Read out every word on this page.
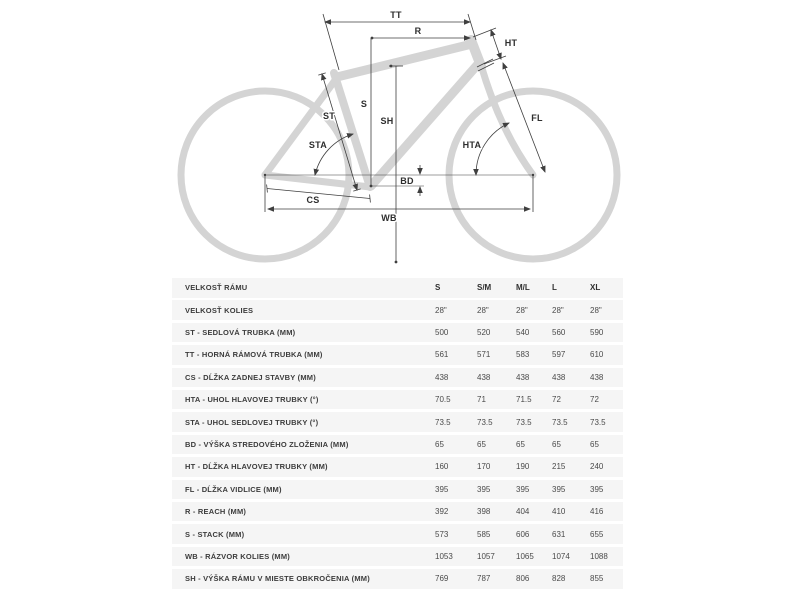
TT
R
HT
S
SH
ST
STA	HTA
FL
BD
CS
WB
VELKOSŤ RÁMU	S	S/M	M/L	L	XL
VELKOSŤ KOLIES	28"	28"	28"	28"	28"
ST - SEDLOVÁ TRUBKA (MM)	500	520	540	560	590
TT - HORNÁ RÁMOVÁ TRUBKA (MM)	561	571	583	597	610
CS - DĹŽKA ZADNEJ STAVBY (MM)	438	438	438	438	438
HTA - UHOL HLAVOVEJ TRUBKY (°)	70.5	71	71.5	72	72
STA - UHOL SEDLOVEJ TRUBKY (°)	73.5	73.5	73.5	73.5	73.5
BD - VÝŠKA STREDOVÉHO ZLOŽENIA (MM)	65	65	65	65	65
HT - DĹŽKA HLAVOVEJ TRUBKY (MM)	160	170	190	215	240
FL - DĹŽKA VIDLICE (MM)	395	395	395	395	395
R - REACH (MM)	392	398	404	410	416
S - STACK (MM)	573	585	606	631	655
WB - RÁZVOR KOLIES (MM)	1053	1057	1065	1074	1088
SH - VÝŠKA RÁMU V MIESTE OBKROČENIA (MM)	769	787	806	828	855
